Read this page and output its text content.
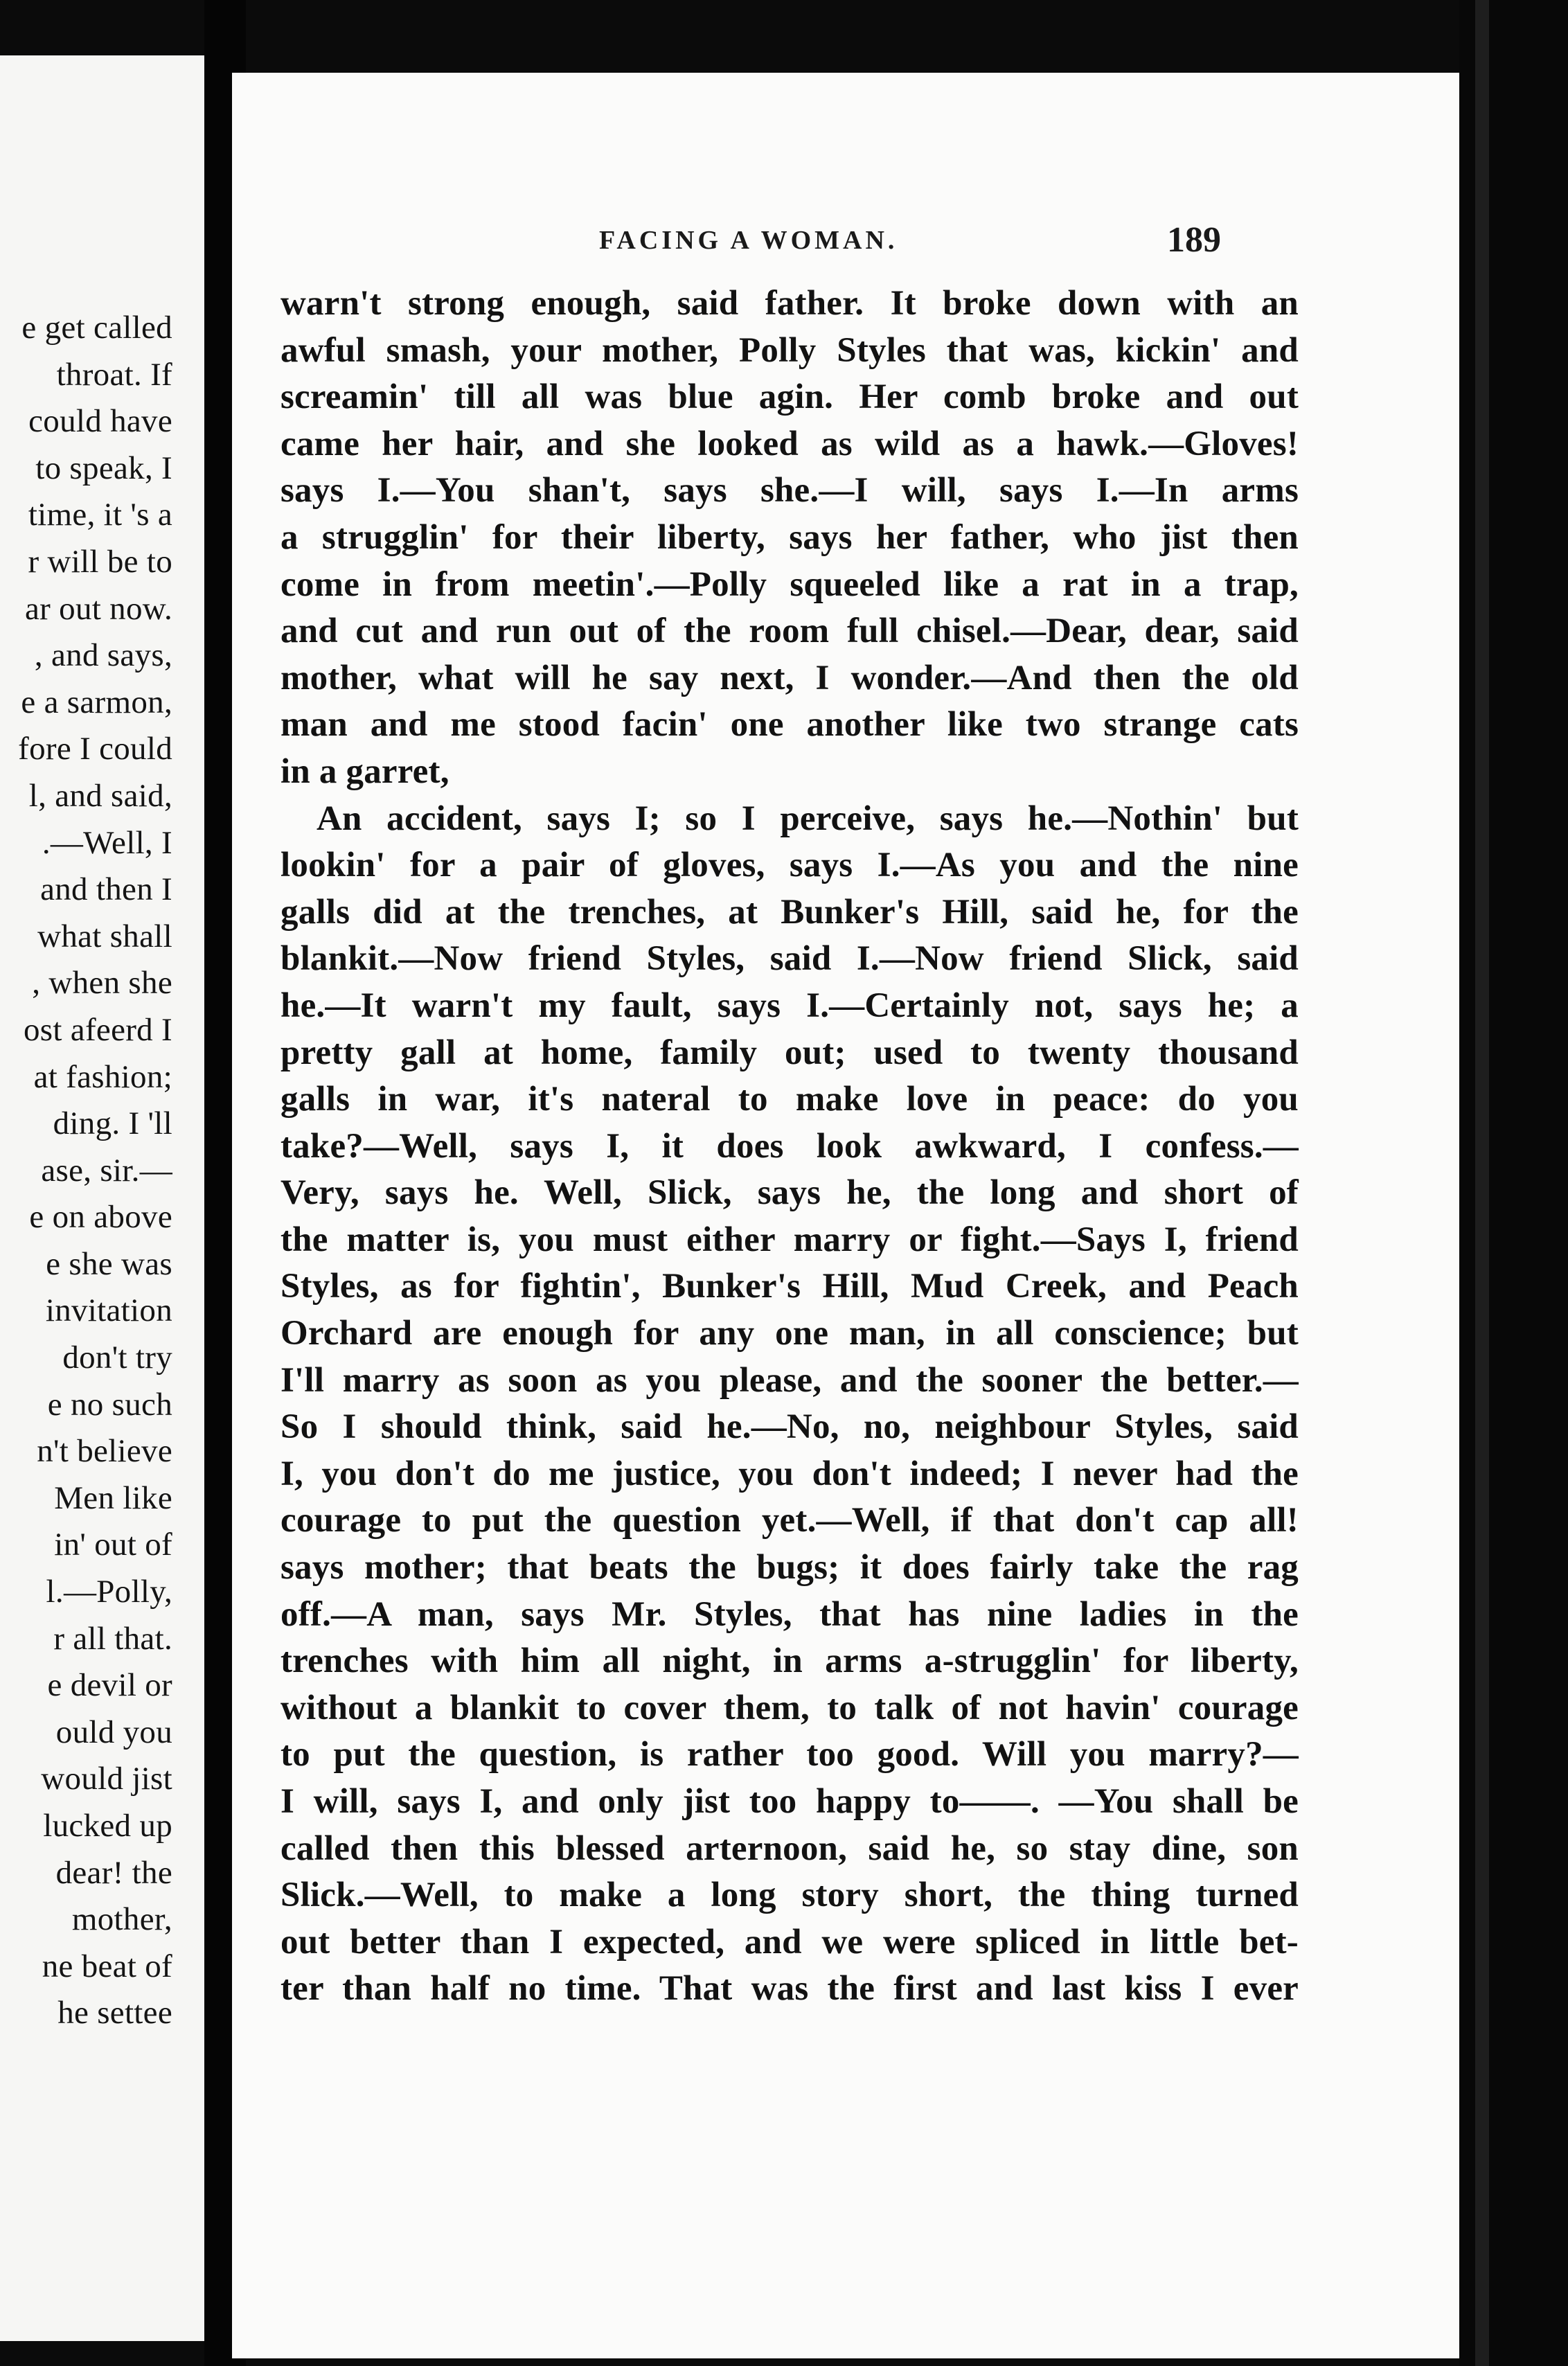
e get called
throat. If
could have
to speak, I
time, it 's a
r will be to
ar out now.
, and says,
e a sarmon,
fore I could
l, and said,
.—Well, I
and then I
what shall
, when she
ost afeerd I
at fashion;
ding. I 'll
ase, sir.—
e on above
e she was
invitation
don't try
e no such
n't believe
Men like
in' out of
l.—Polly,
r all that.
e devil or
ould you
would jist
lucked up
dear! the
mother,
ne beat of
he settee
FACING A WOMAN.	189
warn't strong enough, said father. It broke down with an
awful smash, your mother, Polly Styles that was, kickin' and
screamin' till all was blue agin. Her comb broke and out
came her hair, and she looked as wild as a hawk.—Gloves!
says I.—You shan't, says she.—I will, says I.—In arms
a strugglin' for their liberty, says her father, who jist then
come in from meetin'.—Polly squeeled like a rat in a trap,
and cut and run out of the room full chisel.—Dear, dear, said
mother, what will he say next, I wonder.—And then the old
man and me stood facin' one another like two strange cats
in a garret,
An accident, says I; so I perceive, says he.—Nothin' but
lookin' for a pair of gloves, says I.—As you and the nine
galls did at the trenches, at Bunker's Hill, said he, for the
blankit.—Now friend Styles, said I.—Now friend Slick, said
he.—It warn't my fault, says I.—Certainly not, says he; a
pretty gall at home, family out; used to twenty thousand
galls in war, it's nateral to make love in peace: do you
take?—Well, says I, it does look awkward, I confess.—
Very, says he. Well, Slick, says he, the long and short of
the matter is, you must either marry or fight.—Says I, friend
Styles, as for fightin', Bunker's Hill, Mud Creek, and Peach
Orchard are enough for any one man, in all conscience; but
I'll marry as soon as you please, and the sooner the better.—
So I should think, said he.—No, no, neighbour Styles, said
I, you don't do me justice, you don't indeed; I never had the
courage to put the question yet.—Well, if that don't cap all!
says mother; that beats the bugs; it does fairly take the rag
off.—A man, says Mr. Styles, that has nine ladies in the
trenches with him all night, in arms a-strugglin' for liberty,
without a blankit to cover them, to talk of not havin' courage
to put the question, is rather too good. Will you marry?—
I will, says I, and only jist too happy to——. —You shall be
called then this blessed arternoon, said he, so stay dine, son
Slick.—Well, to make a long story short, the thing turned
out better than I expected, and we were spliced in little bet-
ter than half no time. That was the first and last kiss I ever
